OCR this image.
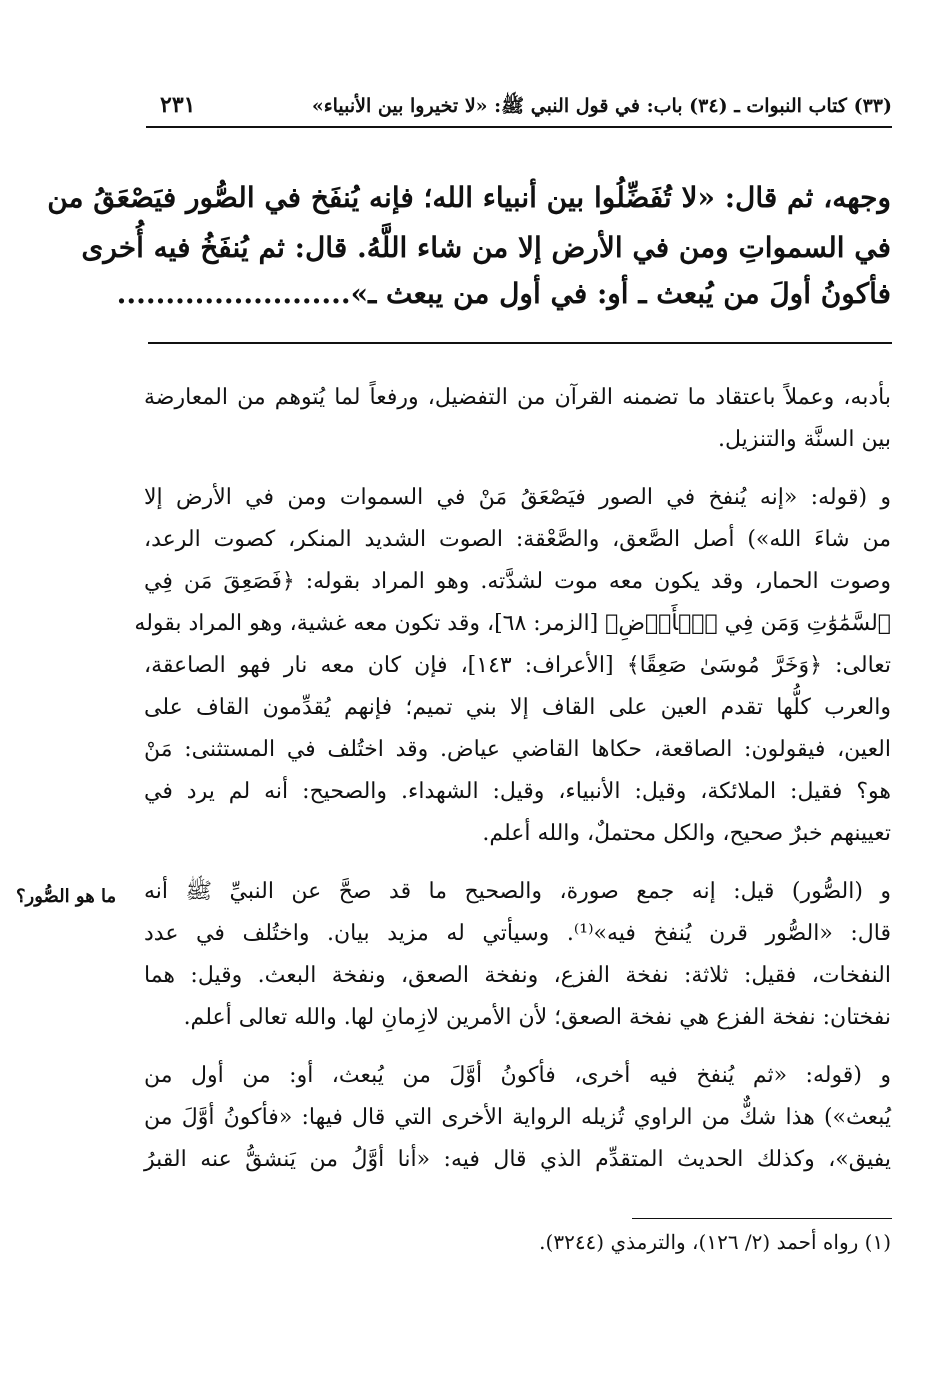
(٣٣) كتاب النبوات ـ (٣٤) باب: في قول النبي ﷺ: «لا تخيروا بين الأنبياء»
٢٣١
وجهه، ثم قال: «لا تُفَضِّلُوا بين أنبياء الله؛ فإنه يُنفَخ في الصُّور فيَصْعَقُ من
في السمواتِ ومن في الأرض إلا من شاء اللَّهُ. قال: ثم يُنفَخُ فيه أُخرى
فأكونُ أولَ من يُبعث ـ أو: في أول من يبعث ـ»........................
بأدبه، وعملاً باعتقاد ما تضمنه القرآن من التفضيل، ورفعاً لما يُتوهم من المعارضة
بين السنَّة والتنزيل.
و (قوله: «إنه يُنفخ في الصور فيَصْعَقُ مَنْ في السموات ومن في الأرض إلا
من شاءَ الله») أصل الصَّعق، والصَّعْقة: الصوت الشديد المنكر، كصوت الرعد،
وصوت الحمار، وقد يكون معه موت لشدَّته. وهو المراد بقوله: ﴿فَصَعِقَ مَن فِي
ٱلسَّمَٰوَٰتِ وَمَن فِي ٱلۡأَرۡضِ﴾ [الزمر: ٦٨]، وقد تكون معه غشية، وهو المراد بقوله
تعالى: ﴿وَخَرَّ مُوسَىٰ صَعِقًا﴾ [الأعراف: ١٤٣]، فإن كان معه نار فهو الصاعقة،
والعرب كلُّها تقدم العين على القاف إلا بني تميم؛ فإنهم يُقدِّمون القاف على
العين، فيقولون: الصاقعة، حكاها القاضي عياض. وقد اختُلف في المستثنى: مَنْ
هو؟ فقيل: الملائكة، وقيل: الأنبياء، وقيل: الشهداء. والصحيح: أنه لم يرد في
تعيينهم خبرٌ صحيح، والكل محتملٌ، والله أعلم.
و (الصُّور) قيل: إنه جمع صورة، والصحيح ما قد صحَّ عن النبيِّ ﷺ أنه
قال: «الصُّور قرن يُنفخ فيه»⁽¹⁾. وسيأتي له مزيد بيان. واختُلف في عدد
النفخات، فقيل: ثلاثة: نفخة الفزع، ونفخة الصعق، ونفخة البعث. وقيل: هما
نفختان: نفخة الفزع هي نفخة الصعق؛ لأن الأمرين لازِمانِ لها. والله تعالى أعلم.
و (قوله: «ثم يُنفخ فيه أخرى، فأكونُ أوَّلَ من يُبعث، أو: من أول من
يُبعث») هذا شكٌّ من الراوي تُزيله الرواية الأخرى التي قال فيها: «فأكونُ أوَّلَ من
يفيق»، وكذلك الحديث المتقدِّم الذي قال فيه: «أنا أوَّلُ من يَنشقُّ عنه القبرُ
ما هو الصُّور؟
(١) رواه أحمد (٢/ ١٢٦)، والترمذي (٣٢٤٤).
